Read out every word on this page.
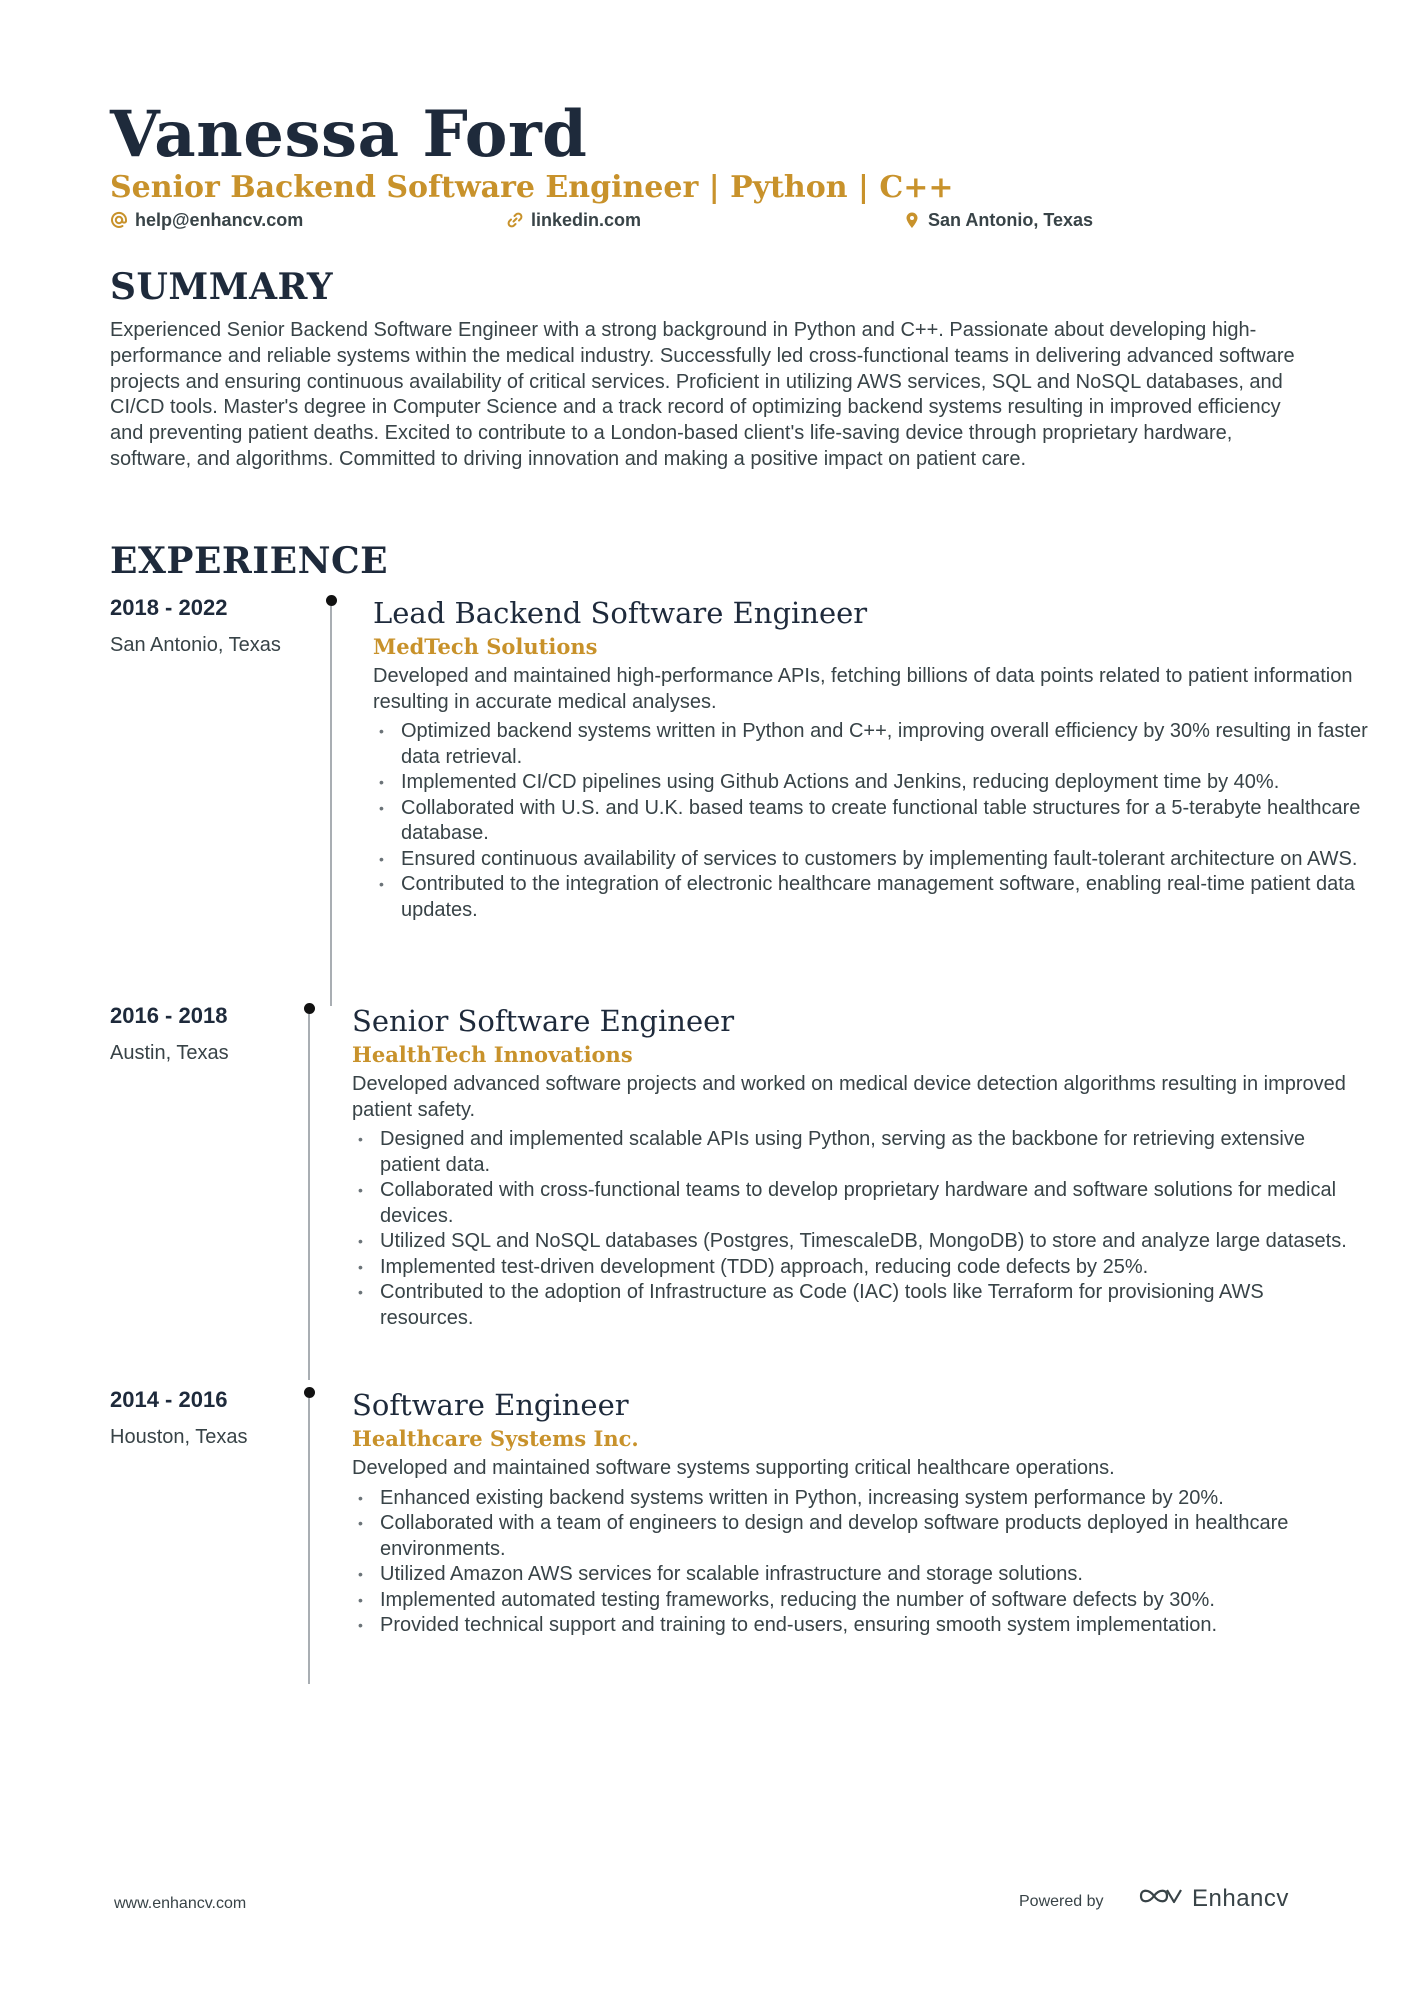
Vanessa Ford
Senior Backend Software Engineer | Python | C++
help@enhancv.com	linkedin.com	San Antonio, Texas
SUMMARY

Experienced Senior Backend Software Engineer with a strong background in Python and C++. Passionate about developing high-performance and reliable systems within the medical industry. Successfully led cross-functional teams in delivering advanced software projects and ensuring continuous availability of critical services. Proficient in utilizing AWS services, SQL and NoSQL databases, and CI/CD tools. Master's degree in Computer Science and a track record of optimizing backend systems resulting in improved efficiency and preventing patient deaths. Excited to contribute to a London-based client's life-saving device through proprietary hardware, software, and algorithms. Committed to driving innovation and making a positive impact on patient care.

EXPERIENCE
2018 - 2022
San Antonio, Texas
Lead Backend Software Engineer
MedTech Solutions

Developed and maintained high-performance APIs, fetching billions of data points related to patient information resulting in accurate medical analyses.

• Optimized backend systems written in Python and C++, improving overall efficiency by 30% resulting in faster data retrieval.
• Implemented CI/CD pipelines using Github Actions and Jenkins, reducing deployment time by 40%.
• Collaborated with U.S. and U.K. based teams to create functional table structures for a 5-terabyte healthcare database.
• Ensured continuous availability of services to customers by implementing fault-tolerant architecture on AWS.
• Contributed to the integration of electronic healthcare management software, enabling real-time patient data updates.
2016 - 2018
Austin, Texas
Senior Software Engineer
HealthTech Innovations

Developed advanced software projects and worked on medical device detection algorithms resulting in improved patient safety.

• Designed and implemented scalable APIs using Python, serving as the backbone for retrieving extensive patient data.
• Collaborated with cross-functional teams to develop proprietary hardware and software solutions for medical devices.
• Utilized SQL and NoSQL databases (Postgres, TimescaleDB, MongoDB) to store and analyze large datasets.
• Implemented test-driven development (TDD) approach, reducing code defects by 25%.
• Contributed to the adoption of Infrastructure as Code (IAC) tools like Terraform for provisioning AWS resources.
2014 - 2016
Houston, Texas
Software Engineer
Healthcare Systems Inc.

Developed and maintained software systems supporting critical healthcare operations.

• Enhanced existing backend systems written in Python, increasing system performance by 20%.
• Collaborated with a team of engineers to design and develop software products deployed in healthcare environments.
• Utilized Amazon AWS services for scalable infrastructure and storage solutions.
• Implemented automated testing frameworks, reducing the number of software defects by 30%.
• Provided technical support and training to end-users, ensuring smooth system implementation.
www.enhancv.com	Powered by	Enhancv
